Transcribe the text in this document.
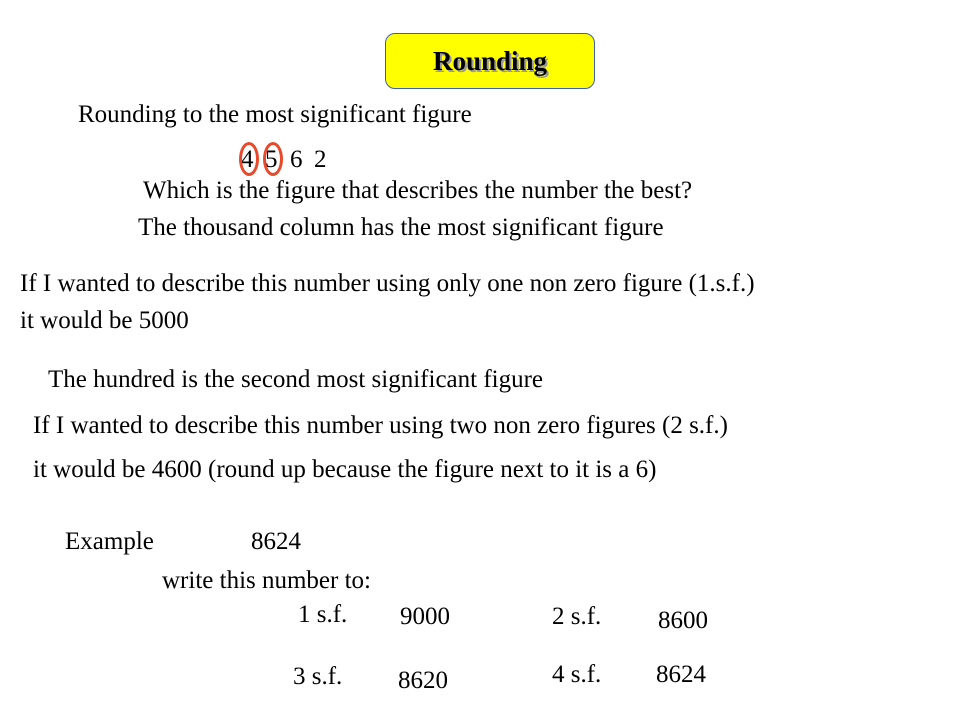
Rounding
Rounding to the most significant figure
4 5 6 2
Which is the figure that describes the number the best?
The thousand column has the most significant figure
If I wanted to describe this number using only one non zero figure (1.s.f.)
it would be 5000
The hundred is the second most significant figure
If I wanted to describe this number using two non zero figures (2 s.f.)
it would be 4600 (round up because the figure next to it is a 6)
Example	8624
write this number to:
1 s.f. 9000	2 s.f. 8600
3 s.f. 8620	4 s.f. 8624
